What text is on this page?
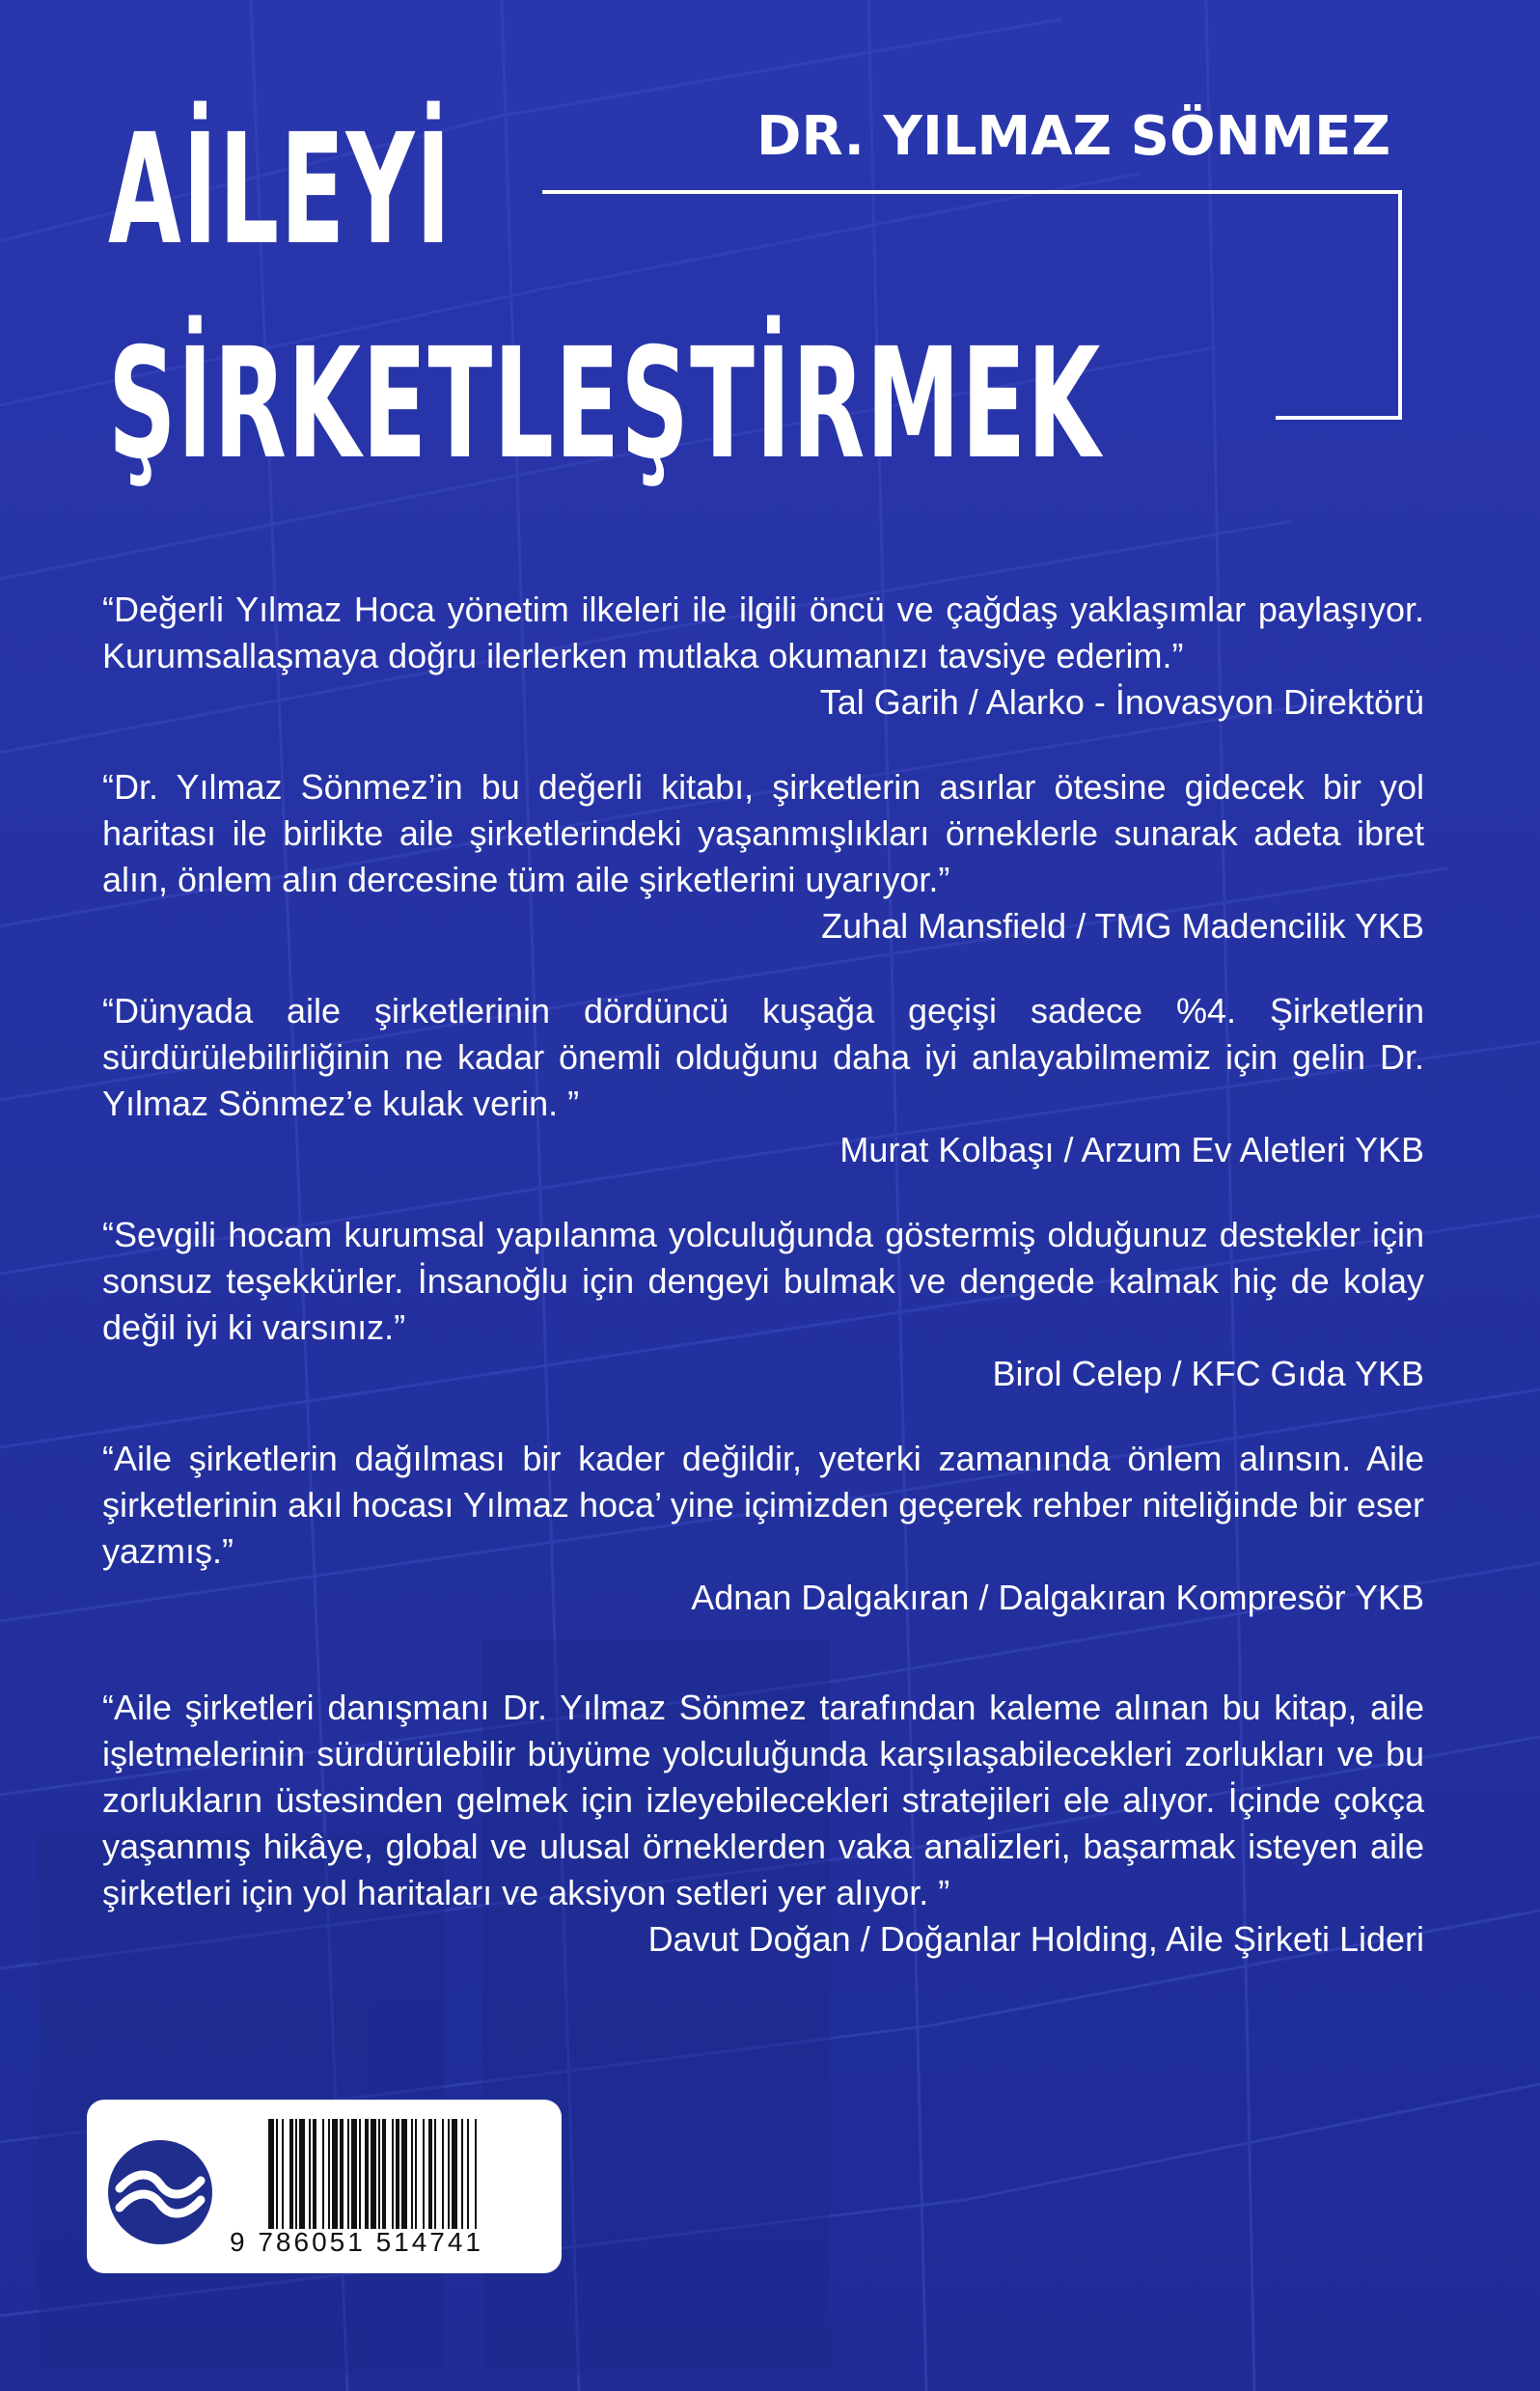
AİLEYİ
ŞİRKETLEŞTİRMEK
DR. YILMAZ SÖNMEZ

“Değerli Yılmaz Hoca yönetim ilkeleri ile ilgili öncü ve çağdaş yaklaşımlar paylaşıyor. Kurumsallaşmaya doğru ilerlerken mutlaka okumanızı tavsiye ederim.”

Tal Garih / Alarko - İnovasyon Direktörü

“Dr. Yılmaz Sönmez’in bu değerli kitabı, şirketlerin asırlar ötesine gidecek bir yol haritası ile birlikte aile şirketlerindeki yaşanmışlıkları örneklerle sunarak adeta ibret alın, önlem alın dercesine tüm aile şirketlerini uyarıyor.”

Zuhal Mansfield / TMG Madencilik YKB

“Dünyada aile şirketlerinin dördüncü kuşağa geçişi sadece %4. Şirketlerin sürdürülebilirliğinin ne kadar önemli olduğunu daha iyi anlayabilmemiz için gelin Dr. Yılmaz Sönmez’e kulak verin. ”

Murat Kolbaşı / Arzum Ev Aletleri YKB

“Sevgili hocam kurumsal yapılanma yolculuğunda göstermiş olduğunuz destekler için sonsuz teşekkürler. İnsanoğlu için dengeyi bulmak ve dengede kalmak hiç de kolay değil iyi ki varsınız.”

Birol Celep / KFC Gıda YKB

“Aile şirketlerin dağılması bir kader değildir, yeterki zamanında önlem alınsın. Aile şirketlerinin akıl hocası Yılmaz hoca’ yine içimizden geçerek rehber niteliğinde bir eser yazmış.”

Adnan Dalgakıran / Dalgakıran Kompresör YKB

“Aile şirketleri danışmanı Dr. Yılmaz Sönmez tarafından kaleme alınan bu kitap, aile işletmelerinin sürdürülebilir büyüme yolculuğunda karşılaşabilecekleri zorlukları ve bu zorlukların üstesinden gelmek için izleyebilecekleri stratejileri ele alıyor. İçinde çokça yaşanmış hikâye, global ve ulusal örneklerden vaka analizleri, başarmak isteyen aile şirketleri için yol haritaları ve aksiyon setleri yer alıyor. ”

Davut Doğan / Doğanlar Holding, Aile Şirketi Lideri

9 786051 514741
